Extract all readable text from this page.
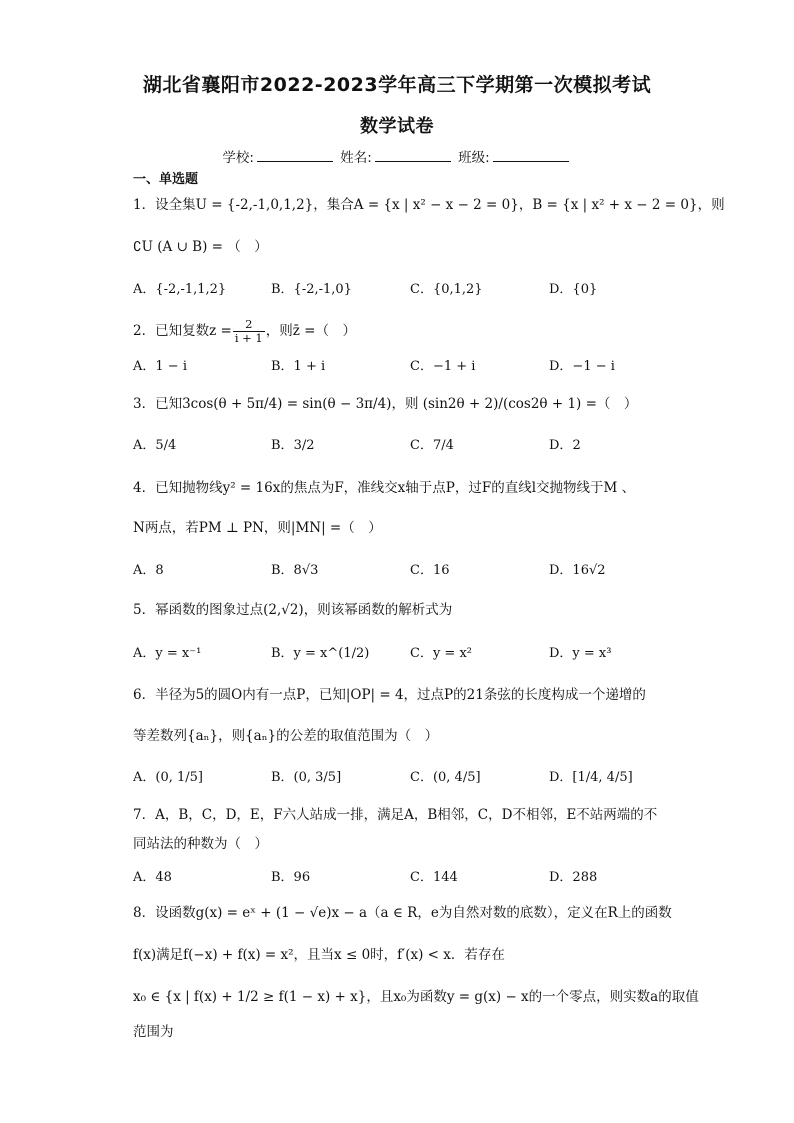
湖北省襄阳市2022-2023学年高三下学期第一次模拟考试
数学试卷
学校:	姓名:	班级:
一、单选题
1．设全集U = {-2,-1,0,1,2}，集合A = {x | x² − x − 2 = 0}，B = {x | x² + x − 2 = 0}，则
∁U (A ∪ B) = （　）
A．{-2,-1,1,2}	B．{-2,-1,0}	C．{0,1,2}	D．{0}
2．已知复数$z = \frac{2}{i + 1}$ ，则z̄ =（　）
A．1 − i	B．1 + i	C．−1 + i	D．−1 − i
3．已知3cos(θ + 5π/4) = sin(θ − 3π/4)，则 (sin2θ + 2)/(cos2θ + 1) =（　）
A．5/4	B．3/2	C．7/4	D．2
4．已知抛物线y² = 16x的焦点为F，准线交x轴于点P，过F的直线l交抛物线于M 、
N两点，若PM ⊥ PN，则|MN| =（　）
A．8	B．8√3	C．16	D．16√2
5．幂函数的图象过点(2,√2)，则该幂函数的解析式为
A．y = x⁻¹	B．y = x^(1/2)	C．y = x²	D．y = x³
6．半径为5的圆O内有一点P，已知|OP| = 4，过点P的21条弦的长度构成一个递增的
等差数列{aₙ}，则{aₙ}的公差的取值范围为（　）
A．(0, 1/5]	B．(0, 3/5]	C．(0, 4/5]	D．[1/4, 4/5]
7．A，B，C，D，E，F六人站成一排，满足A，B相邻，C，D不相邻，E不站两端的不
同站法的种数为（　）
A．48	B．96	C．144	D．288
8．设函数g(x) = eˣ + (1 − √e)x − a（a ∈ R，e为自然对数的底数），定义在R上的函数
f(x)满足f(−x) + f(x) = x²，且当x ≤ 0时，f′(x) < x．若存在
x₀ ∈ {x | f(x) + 1/2 ≥ f(1 − x) + x}，且x₀为函数y = g(x) − x的一个零点，则实数a的取值
范围为
